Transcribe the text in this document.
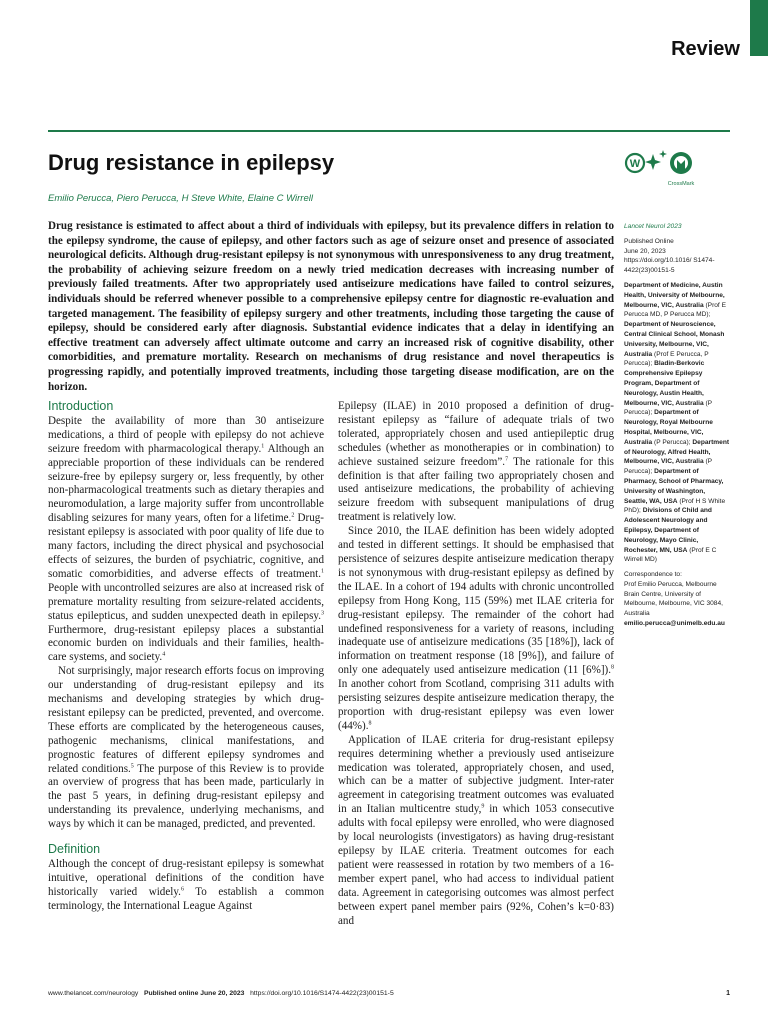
Review
Drug resistance in epilepsy
Emilio Perucca, Piero Perucca, H Steve White, Elaine C Wirrell
W
CrossMark

Drug resistance is estimated to affect about a third of individuals with epilepsy, but its prevalence differs in relation to the epilepsy syndrome, the cause of epilepsy, and other factors such as age of seizure onset and presence of associated neurological deficits. Although drug-resistant epilepsy is not synonymous with unresponsiveness to any drug treatment, the probability of achieving seizure freedom on a newly tried medication decreases with increasing number of previously failed treatments. After two appropriately used antiseizure medications have failed to control seizures, individuals should be referred whenever possible to a comprehensive epilepsy centre for diagnostic re-evaluation and targeted management. The feasibility of epilepsy surgery and other treatments, including those targeting the cause of epilepsy, should be considered early after diagnosis. Substantial evidence indicates that a delay in identifying an effective treatment can adversely affect ultimate outcome and carry an increased risk of cognitive disability, other comorbidities, and premature mortality. Research on mechanisms of drug resistance and novel therapeutics is progressing rapidly, and potentially improved treatments, including those targeting disease modification, are on the horizon.

Introduction

Despite the availability of more than 30 antiseizure medications, a third of people with epilepsy do not achieve seizure freedom with pharmacological therapy.$^1$ Although an appreciable proportion of these individuals can be rendered seizure-free by epilepsy surgery or, less frequently, by other non-pharmacological treatments such as dietary therapies and neuromodulation, a large majority suffer from uncontrollable disabling seizures for many years, often for a lifetime.$^2$ Drug-resistant epilepsy is associated with poor quality of life due to many factors, including the direct physical and psychosocial effects of seizures, the burden of psychiatric, cognitive, and somatic comorbidities, and adverse effects of treatment.$^1$ People with uncontrolled seizures are also at increased risk of premature mortality resulting from seizure-related accidents, status epilepticus, and sudden unexpected death in epilepsy.$^3$ Furthermore, drug-resistant epilepsy places a substantial economic burden on individuals and their families, health-care systems, and society.$^4$

Not surprisingly, major research efforts focus on improving our understanding of drug-resistant epilepsy and its mechanisms and developing strategies by which drug-resistant epilepsy can be predicted, prevented, and overcome. These efforts are complicated by the heterogeneous causes, pathogenic mechanisms, clinical manifestations, and prognostic features of different epilepsy syndromes and related conditions.$^5$ The purpose of this Review is to provide an overview of progress that has been made, particularly in the past 5 years, in defining drug-resistant epilepsy and understanding its prevalence, underlying mechanisms, and ways by which it can be managed, predicted, and prevented.

Definition

Although the concept of drug-resistant epilepsy is somewhat intuitive, operational definitions of the condition have historically varied widely.$^6$ To establish a common terminology, the International League Against

Epilepsy (ILAE) in 2010 proposed a definition of drug-resistant epilepsy as “failure of adequate trials of two tolerated, appropriately chosen and used antiepileptic drug schedules (whether as monotherapies or in combination) to achieve sustained seizure freedom”.$^7$ The rationale for this definition is that after failing two appropriately chosen and used antiseizure medications, the probability of achieving seizure freedom with subsequent manipulations of drug treatment is relatively low.

Since 2010, the ILAE definition has been widely adopted and tested in different settings. It should be emphasised that persistence of seizures despite antiseizure medication therapy is not synonymous with drug-resistant epilepsy as defined by the ILAE. In a cohort of 194 adults with chronic uncontrolled epilepsy from Hong Kong, 115 (59%) met ILAE criteria for drug-resistant epilepsy. The remainder of the cohort had undefined responsiveness for a variety of reasons, including inadequate use of antiseizure medications (35 [18%]), lack of information on treatment response (18 [9%]), and failure of only one adequately used antiseizure medication (11 [6%]).$^8$ In another cohort from Scotland, comprising 311 adults with persisting seizures despite antiseizure medication therapy, the proportion with drug-resistant epilepsy was even lower (44%).$^8$

Application of ILAE criteria for drug-resistant epilepsy requires determining whether a previously used antiseizure medication was tolerated, appropriately chosen, and used, which can be a matter of subjective judgment. Inter-rater agreement in categorising treatment outcomes was evaluated in an Italian multicentre study,$^9$ in which 1053 consecutive adults with focal epilepsy were enrolled, who were diagnosed by local neurologists (investigators) as having drug-resistant epilepsy by ILAE criteria. Treatment outcomes for each patient were reassessed in rotation by two members of a 16-member expert panel, who had access to individual patient data. Agreement in categorising outcomes was almost perfect between expert panel member pairs (92%, Cohen’s k=0·83) and

Lancet Neurol 2023
Published Online
June 20, 2023
https://doi.org/10.1016/ S1474-4422(23)00151-5
Department of Medicine, Austin Health, University of Melbourne, Melbourne, VIC, Australia (Prof E Perucca MD, P Perucca MD); Department of Neuroscience, Central Clinical School, Monash University, Melbourne, VIC, Australia (Prof E Perucca, P Perucca); Bladin-Berkovic Comprehensive Epilepsy Program, Department of Neurology, Austin Health, Melbourne, VIC, Australia (P Perucca); Department of Neurology, Royal Melbourne Hospital, Melbourne, VIC, Australia (P Perucca); Department of Neurology, Alfred Health, Melbourne, VIC, Australia (P Perucca); Department of Pharmacy, School of Pharmacy, University of Washington, Seattle, WA, USA (Prof H S White PhD); Divisions of Child and Adolescent Neurology and Epilepsy, Department of Neurology, Mayo Clinic, Rochester, MN, USA (Prof E C Wirrell MD)
Correspondence to:
Prof Emilio Perucca, Melbourne Brain Centre, University of Melbourne, Melbourne, VIC 3084, Australia
emilio.perucca@unimelb.edu.au
www.thelancet.com/neurology Published online June 20, 2023 https://doi.org/10.1016/S1474-4422(23)00151-5	1
